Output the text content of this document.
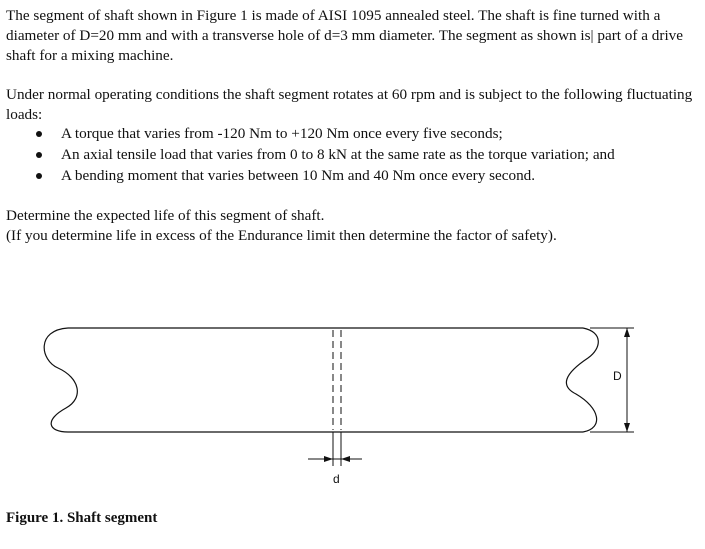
The segment of shaft shown in Figure 1 is made of AISI 1095 annealed steel. The shaft is fine turned with a diameter of D=20 mm and with a transverse hole of d=3 mm diameter. The segment as shown is| part of a drive shaft for a mixing machine.

Under normal operating conditions the shaft segment rotates at 60 rpm and is subject to the following fluctuating loads:

A torque that varies from -120 Nm to +120 Nm once every five seconds;
An axial tensile load that varies from 0 to 8 kN at the same rate as the torque variation; and
A bending moment that varies between 10 Nm and 40 Nm once every second.
Determine the expected life of this segment of shaft.
(If you determine life in excess of the Endurance limit then determine the factor of safety).
d
D
Figure 1. Shaft segment
